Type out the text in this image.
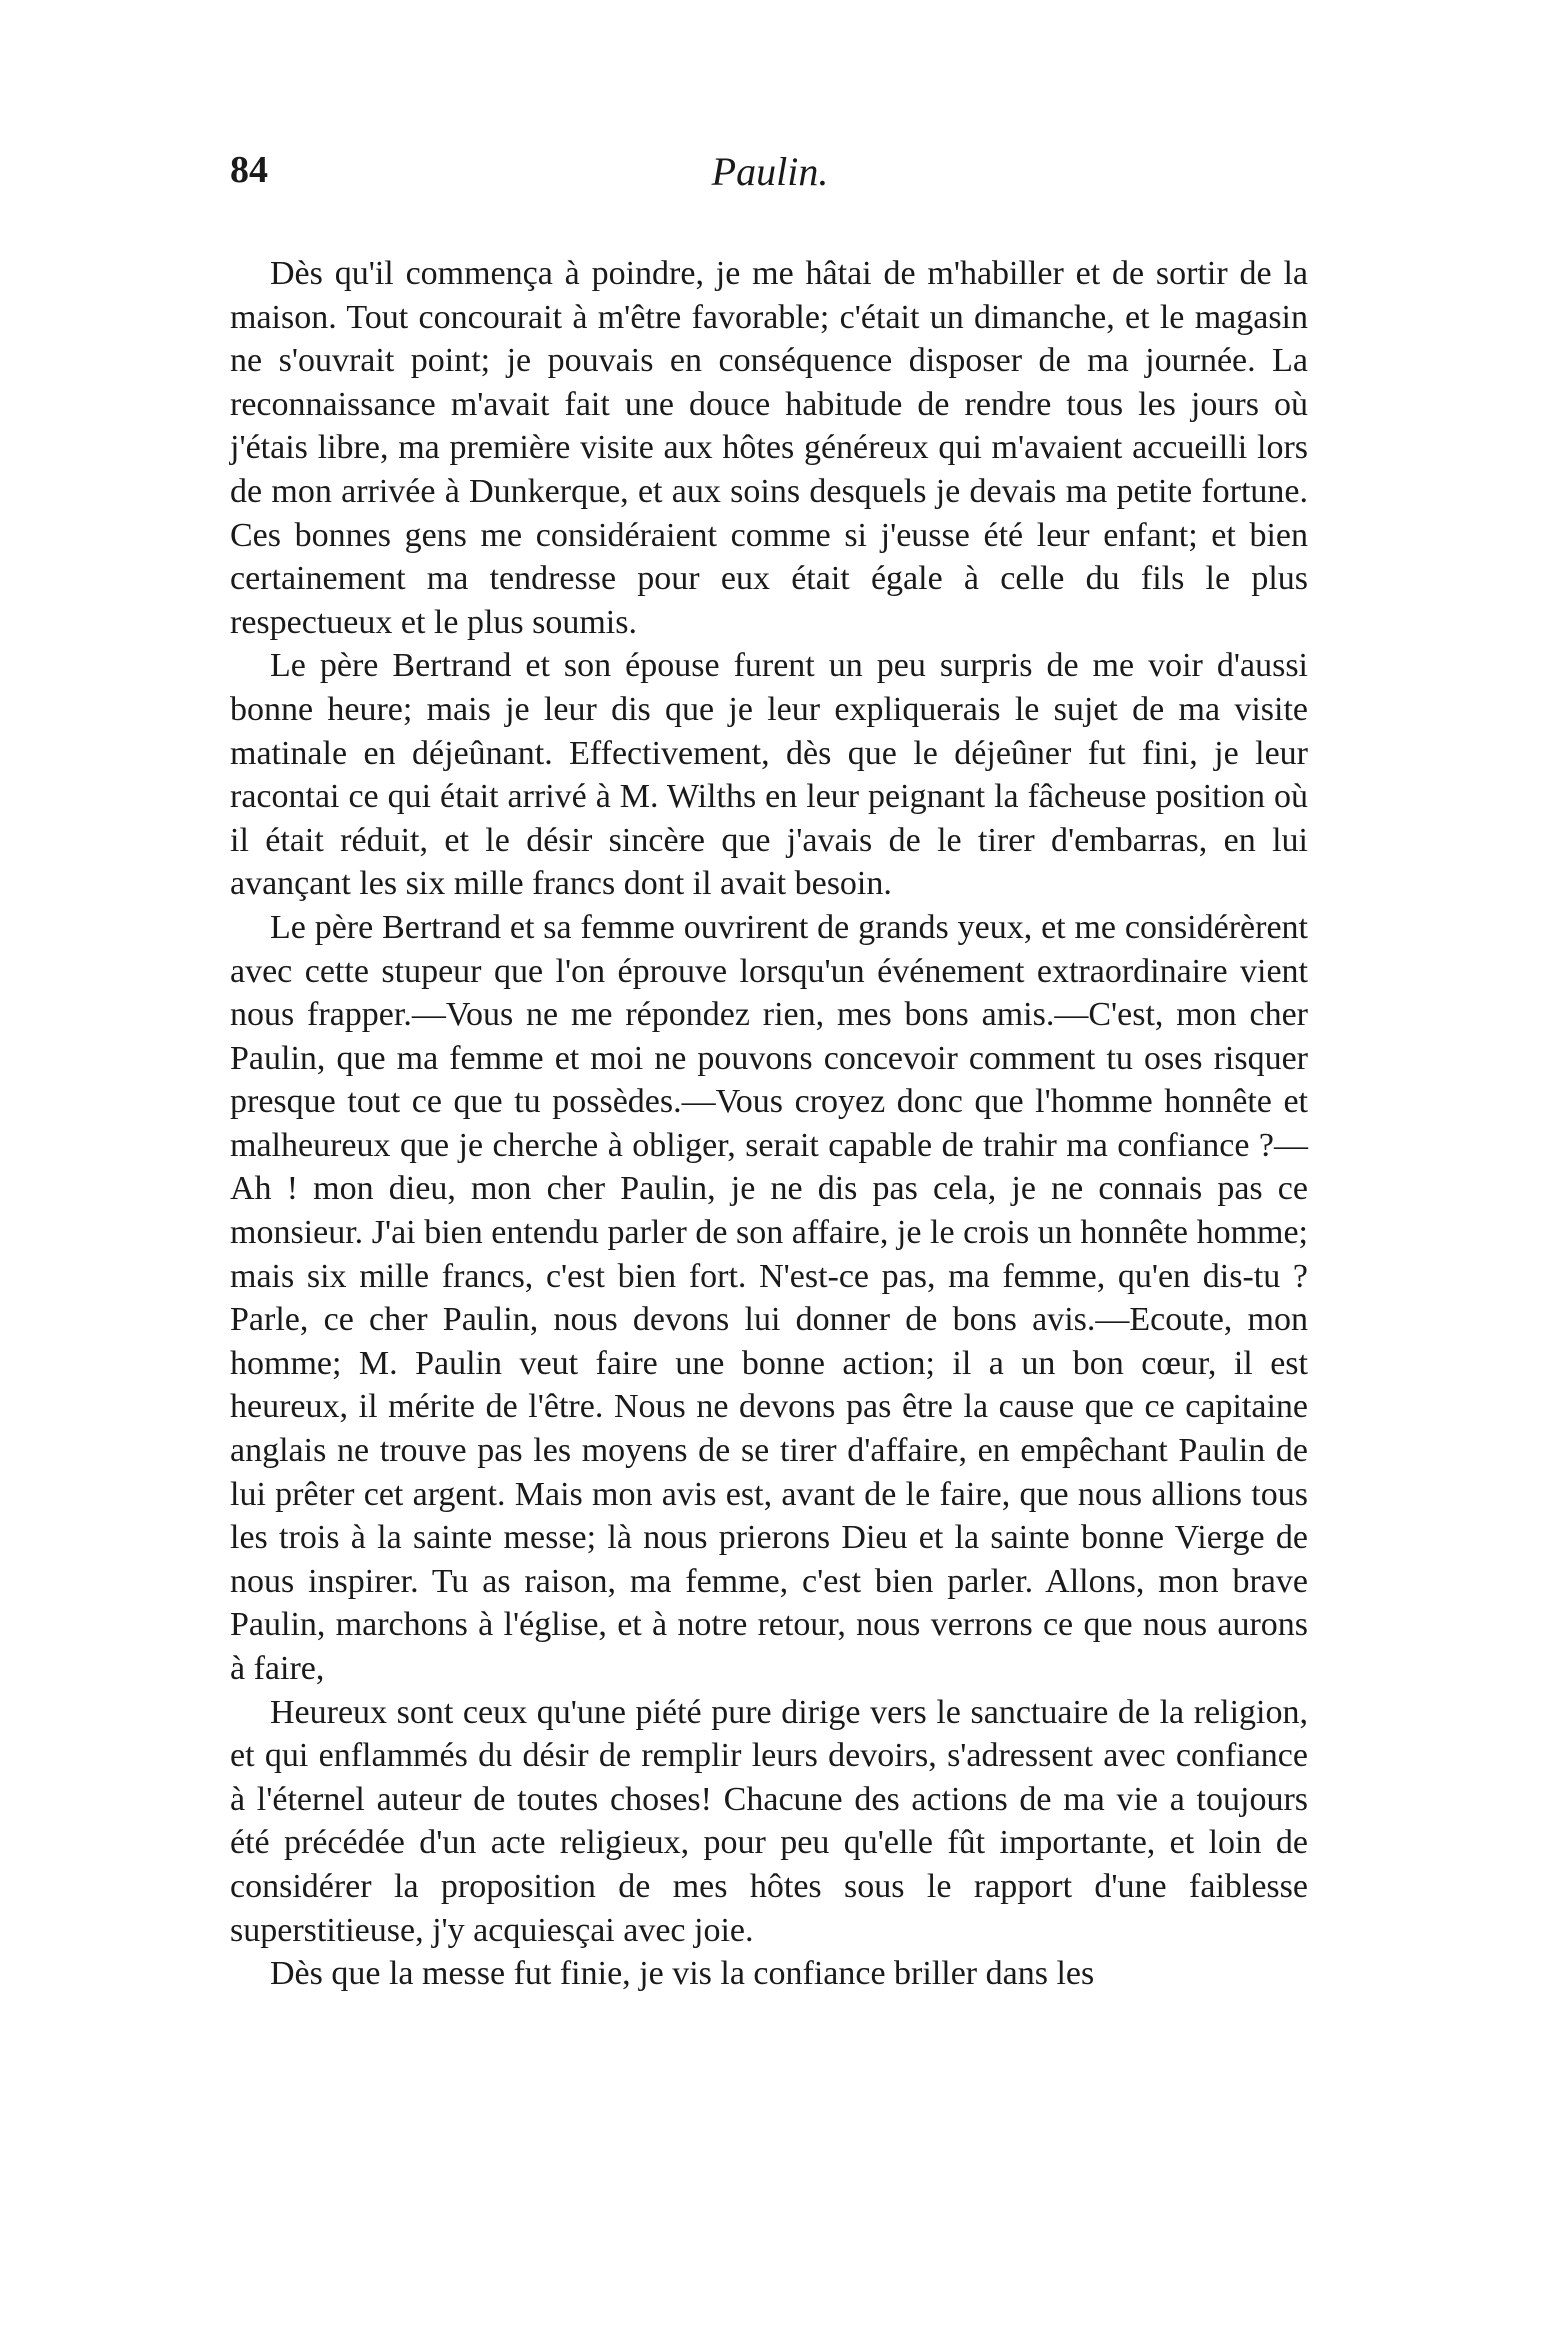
84	Paulin.

Dès qu'il commença à poindre, je me hâtai de m'habiller et de sortir de la maison. Tout concourait à m'être favorable; c'était un dimanche, et le magasin ne s'ouvrait point; je pouvais en conséquence disposer de ma journée. La reconnaissance m'avait fait une douce habitude de rendre tous les jours où j'étais libre, ma première visite aux hôtes généreux qui m'avaient accueilli lors de mon arrivée à Dunkerque, et aux soins desquels je devais ma petite fortune. Ces bonnes gens me considéraient comme si j'eusse été leur enfant; et bien certainement ma tendresse pour eux était égale à celle du fils le plus respectueux et le plus soumis.

Le père Bertrand et son épouse furent un peu surpris de me voir d'aussi bonne heure; mais je leur dis que je leur expliquerais le sujet de ma visite matinale en déjeûnant. Effectivement, dès que le déjeûner fut fini, je leur racontai ce qui était arrivé à M. Wilths en leur peignant la fâcheuse position où il était réduit, et le désir sincère que j'avais de le tirer d'embarras, en lui avançant les six mille francs dont il avait besoin.

Le père Bertrand et sa femme ouvrirent de grands yeux, et me considérèrent avec cette stupeur que l'on éprouve lorsqu'un événement extraordinaire vient nous frapper.—Vous ne me répondez rien, mes bons amis.—C'est, mon cher Paulin, que ma femme et moi ne pouvons concevoir comment tu oses risquer presque tout ce que tu possèdes.—Vous croyez donc que l'homme honnête et malheureux que je cherche à obliger, serait capable de trahir ma confiance ?—Ah ! mon dieu, mon cher Paulin, je ne dis pas cela, je ne connais pas ce monsieur. J'ai bien entendu parler de son affaire, je le crois un honnête homme; mais six mille francs, c'est bien fort. N'est-ce pas, ma femme, qu'en dis-tu ? Parle, ce cher Paulin, nous devons lui donner de bons avis.—Ecoute, mon homme; M. Paulin veut faire une bonne action; il a un bon cœur, il est heureux, il mérite de l'être. Nous ne devons pas être la cause que ce capitaine anglais ne trouve pas les moyens de se tirer d'affaire, en empêchant Paulin de lui prêter cet argent. Mais mon avis est, avant de le faire, que nous allions tous les trois à la sainte messe; là nous prierons Dieu et la sainte bonne Vierge de nous inspirer. Tu as raison, ma femme, c'est bien parler. Allons, mon brave Paulin, marchons à l'église, et à notre retour, nous verrons ce que nous aurons à faire,

Heureux sont ceux qu'une piété pure dirige vers le sanctuaire de la religion, et qui enflammés du désir de remplir leurs devoirs, s'adressent avec confiance à l'éternel auteur de toutes choses! Chacune des actions de ma vie a toujours été précédée d'un acte religieux, pour peu qu'elle fût importante, et loin de considérer la proposition de mes hôtes sous le rapport d'une faiblesse superstitieuse, j'y acquiesçai avec joie.

Dès que la messe fut finie, je vis la confiance briller dans les
